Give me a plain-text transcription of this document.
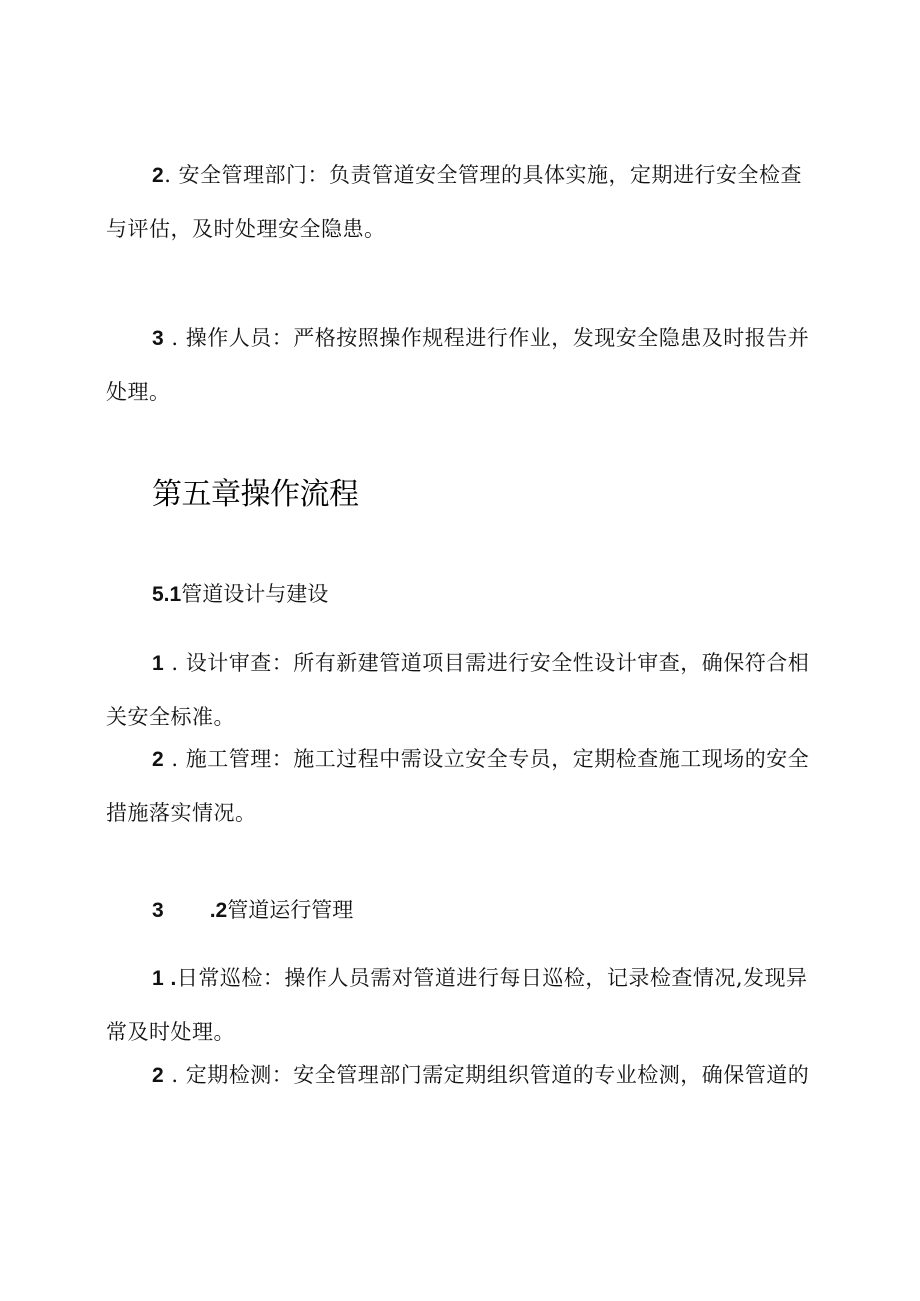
2. 安全管理部门：负责管道安全管理的具体实施，定期进行安全检查
与评估，及时处理安全隐患。
3 . 操作人员：严格按照操作规程进行作业，发现安全隐患及时报告并
处理。
第五章操作流程
5.1管道设计与建设
1 . 设计审查：所有新建管道项目需进行安全性设计审查，确保符合相
关安全标准。
2 . 施工管理：施工过程中需设立安全专员，定期检查施工现场的安全
措施落实情况。
3 .2管道运行管理
1 .日常巡检：操作人员需对管道进行每日巡检，记录检查情况,发现异
常及时处理。
2 . 定期检测：安全管理部门需定期组织管道的专业检测，确保管道的
